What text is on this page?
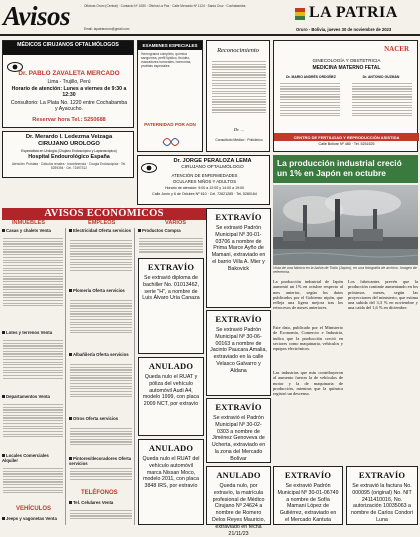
Avisos	Oficinas Oruro (Central) · Contacto Nº 1080 · Oficina La Paz · Calle Mercado Nº 1124 · Santa Cruz · Cochabamba
Email: lapatriaoruro@gmail.com
LA PATRIA
Oruro - Bolivia, jueves 30 de noviembre de 2023
MÉDICOS CIRUJANOS OFTALMÓLOGOS
Dr. PABLO ZAVALETA MERCADO
Lima - Trujillo, Perú
Horario de atención: Lunes a viernes de 9:30 a 12:30
Consultorio: La Plata No. 1220 entre Cochabamba y Ayacucho.
Reservar hora Tel.: 5250688
Dr. Merardo I. Ledezma Veizaga
CIRUJANO UROLOGO
Especialista en Urología (Cirujano Endoscópico y Laparoscópico)
Hospital Endourológico España
Atención: Próstata · Cálculos renales · Incontinencia · Cirugía Endoscópica · Tel. 5259394 · Cel. 72497312
EXAMENES ESPECIALES
Hemograma completo, química sanguínea, perfil lipídico, tiroideo, marcadores tumorales, hormonas, pruebas especiales.
PATERNIDAD POR ADN
Reconocimiento
Dr. ...
Consultorio Médico · Policlínico
NACER
GINECOLOGÍA Y OBSTETRICIA
MEDICINA MATERNO FETAL
Dr. MARIO ANDRÉS ORDOÑEZ	Dr. ANTONIO GUZMÁN
CENTRO DE FERTILIDAD Y REPRODUCCIÓN ASISTIDA
Calle Bolívar Nº 480 · Tel. 5251525
Dr. JORGE PERALOZA LEMA
CIRUJANO OFTALMÓLOGO
ATENCIÓN DE ENFERMEDADES
OCULARES NIÑOS Y ADULTOS
Horario de atención: 9:00 a 12:00 y 14:00 a 19:00
Calle Junín y 6 de Octubre Nº 610 · Cel. 72621285 · Tel. 5280164
La producción industrial creció un 1% en Japón en octubre
Vista de una fábrica en la bahía de Tokio (Japón), en una fotografía de archivo. Imagen de referencia.
La producción industrial de Japón aumentó un 1% en octubre respecto al mes anterior, según los datos publicados por el Gobierno nipón, que refleja una ligera mejora tras los retrocesos de meses anteriores.
Este dato, publicado por el Ministerio de Economía, Comercio e Industria, indica que la producción creció en sectores como maquinaria, vehículos y equipos electrónicos.
Las industrias que más contribuyeron al aumento fueron la de vehículos de motor y la de maquinaria de producción, mientras que la química registró un descenso.
Los fabricantes prevén que la producción continúe aumentando en los próximos meses, según las proyecciones del ministerio, que estima una subida del 3,3 % en noviembre y una caída del 1,6 % en diciembre.
AVISOS ECONÓMICOS
INMUEBLES	EMPLEOS	VARIOS
Casas y chalets Venta
Lotes y terrenos Venta
Departamentos Venta
Locales Comerciales Alquiler
VEHÍCULOS
Jeeps y vagonetas Venta
Electricidad Oferta servicios
Plomería Oferta servicios
Albañilería Oferta servicios
Otros Oferta servicios
Pintores/decoradores Oferta servicios
TELÉFONOS
Tel. Celulares Venta
Productos Compra
EXTRAVÍO
Se extravió diploma de bachiller No. 01013462, serie "H", a nombre de Luis Álvaro Uría Canaza
ANULADO
Queda nulo el RUAT y póliza del vehículo automóvil Audi A4, modelo 1999, con placa 2009 NCT, por extravío
ANULADO
Queda nulo el RUAT del vehículo automóvil marca Nissan Moco, modelo 2011, con placa 3848 IRS, por extravío
EXTRAVÍO
Se extravió Padrón Municipal Nº 30-01-03706 a nombre de Prima Marce Ayño de Mamani, extraviado en el barrio Villa A. Mier y Bakovick
EXTRAVÍO
Se extravió Padrón Municipal Nº 30-06-00163 a nombre de Jacinto Paucara Amalia, extraviado en la calle Velasco Galvarro y Aldana
EXTRAVÍO
Se extravió el Padrón Municipal Nº 30-02-0303 a nombre de Jiménez Genoveva de Ucherta, extraviado en la zona del Mercado Bolívar
ANULADO
Queda nulo, por extravío, la matrícula profesional de Médico Cirujano Nº 24624 a nombre de Romero Delos Reyes Mauricio, extraviado en fecha 21/11/23
EXTRAVÍO
Se extravió Padrón Municipal Nº 30-01-06749 a nombre de Sofía Mamani López de Gutiérrez, extraviado en el Mercado Kantuta
EXTRAVÍO
Se extravió la factura No. 000095 (original) No. NIT 2411410016, No. autorización 10035063 a nombre de Carlos Condori Luna
